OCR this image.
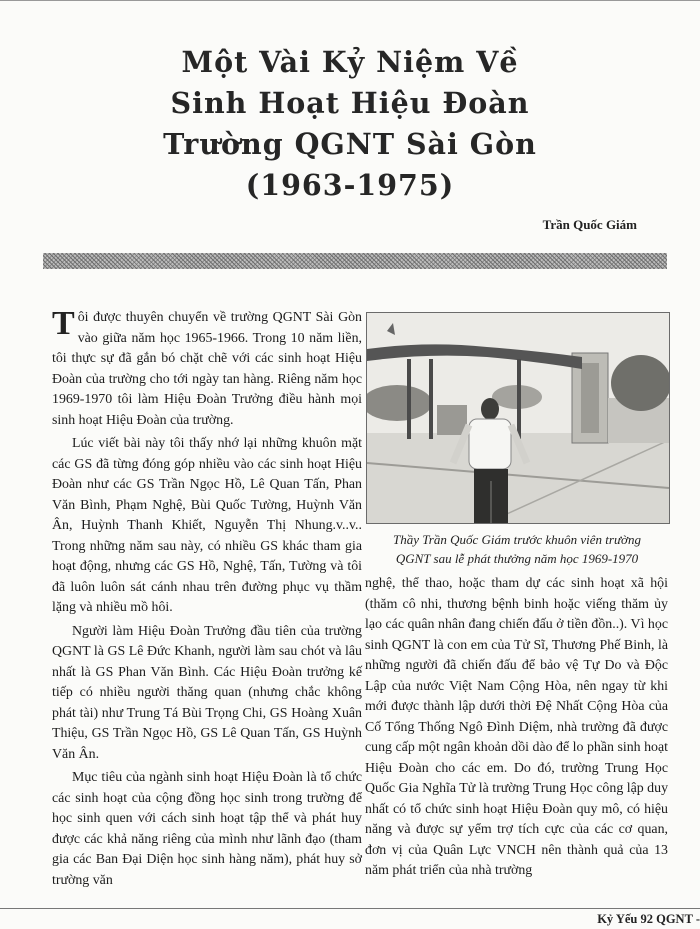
Một Vài Kỷ Niệm Về
Sinh Hoạt Hiệu Đoàn
Trường QGNT Sài Gòn
(1963-1975)
Trần Quốc Giám

Tôi được thuyên chuyển về trường QGNT Sài Gòn vào giữa năm học 1965-1966. Trong 10 năm liền, tôi thực sự đã gắn bó chặt chẽ với các sinh hoạt Hiệu Đoàn của trường cho tới ngày tan hàng. Riêng năm học 1969-1970 tôi làm Hiệu Đoàn Trưởng điều hành mọi sinh hoạt Hiệu Đoàn của trường.

Lúc viết bài này tôi thấy nhớ lại những khuôn mặt các GS đã từng đóng góp nhiều vào các sinh hoạt Hiệu Đoàn như các GS Trần Ngọc Hồ, Lê Quan Tấn, Phan Văn Bình, Phạm Nghệ, Bùi Quốc Tường, Huỳnh Văn Ân, Huỳnh Thanh Khiết, Nguyễn Thị Nhung.v..v.. Trong những năm sau này, có nhiều GS khác tham gia hoạt động, nhưng các GS Hồ, Nghệ, Tấn, Tường và tôi đã luôn luôn sát cánh nhau trên đường phục vụ thầm lặng và nhiều mồ hôi.

Người làm Hiệu Đoàn Trưởng đầu tiên của trường QGNT là GS Lê Đức Khanh, người làm sau chót và lâu nhất là GS Phan Văn Bình. Các Hiệu Đoàn trưởng kế tiếp có nhiều người thăng quan (nhưng chắc không phát tài) như Trung Tá Bùi Trọng Chi, GS Hoàng Xuân Thiệu, GS Trần Ngọc Hồ, GS Lê Quan Tấn, GS Huỳnh Văn Ân.

Mục tiêu của ngành sinh hoạt Hiệu Đoàn là tổ chức các sinh hoạt của cộng đồng học sinh trong trường để học sinh quen với cách sinh hoạt tập thể và phát huy được các khả năng riêng của mình như lãnh đạo (tham gia các Ban Đại Diện học sinh hàng năm), phát huy sở trường văn

Thầy Trần Quốc Giám trước khuôn viên trường
QGNT sau lễ phát thưởng năm học 1969-1970

nghệ, thể thao, hoặc tham dự các sinh hoạt xã hội (thăm cô nhi, thương bệnh binh hoặc viếng thăm ủy lạo các quân nhân đang chiến đấu ở tiền đồn..). Vì học sinh QGNT là con em của Tử Sĩ, Thương Phế Binh, là những người đã chiến đấu để bảo vệ Tự Do và Độc Lập của nước Việt Nam Cộng Hòa, nên ngay từ khi mới được thành lập dưới thời Đệ Nhất Cộng Hòa của Cố Tổng Thống Ngô Đình Diệm, nhà trường đã được cung cấp một ngân khoản dồi dào để lo phần sinh hoạt Hiệu Đoàn cho các em. Do đó, trường Trung Học Quốc Gia Nghĩa Tử là trường Trung Học công lập duy nhất có tổ chức sinh hoạt Hiệu Đoàn quy mô, có hiệu năng và được sự yểm trợ tích cực của các cơ quan, đơn vị của Quân Lực VNCH nên thành quả của 13 năm phát triển của nhà trường

Kỷ Yếu 92 QGNT -
